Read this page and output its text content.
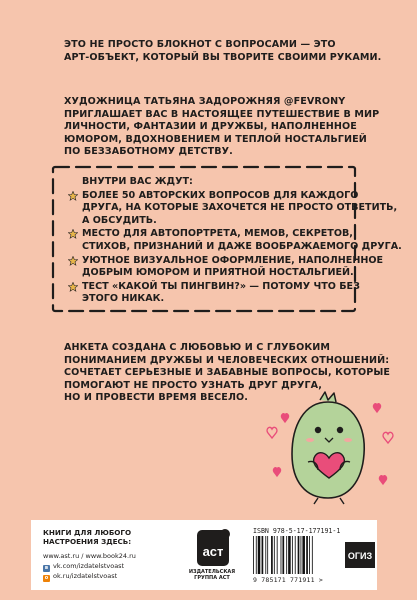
ЭТО НЕ ПРОСТО БЛОКНОТ С ВОПРОСАМИ — ЭТО
АРТ-ОБЪЕКТ, КОТОРЫЙ ВЫ ТВОРИТЕ СВОИМИ РУКАМИ.
ХУДОЖНИЦА ТАТЬЯНА ЗАДОРОЖНЯЯ @FEVRONY
ПРИГЛАШАЕТ ВАС В НАСТОЯЩЕЕ ПУТЕШЕСТВИЕ В МИР
ЛИЧНОСТИ, ФАНТАЗИИ И ДРУЖБЫ, НАПОЛНЕННОЕ
ЮМОРОМ, ВДОХНОВЕНИЕМ И ТЕПЛОЙ НОСТАЛЬГИЕЙ
ПО БЕЗЗАБОТНОМУ ДЕТСТВУ.
ВНУТРИ ВАС ЖДУТ:
БОЛЕЕ 50 АВТОРСКИХ ВОПРОСОВ ДЛЯ КАЖДОГО
ДРУГА, НА КОТОРЫЕ ЗАХОЧЕТСЯ НЕ ПРОСТО ОТВЕТИТЬ,
А ОБСУДИТЬ.
МЕСТО ДЛЯ АВТОПОРТРЕТА, МЕМОВ, СЕКРЕТОВ,
СТИХОВ, ПРИЗНАНИЙ И ДАЖЕ ВООБРАЖАЕМОГО ДРУГА.
УЮТНОЕ ВИЗУАЛЬНОЕ ОФОРМЛЕНИЕ, НАПОЛНЕННОЕ
ДОБРЫМ ЮМОРОМ И ПРИЯТНОЙ НОСТАЛЬГИЕЙ.
ТЕСТ «КАКОЙ ТЫ ПИНГВИН?» — ПОТОМУ ЧТО БЕЗ
ЭТОГО НИКАК.
АНКЕТА СОЗДАНА С ЛЮБОВЬЮ И С ГЛУБОКИМ
ПОНИМАНИЕМ ДРУЖБЫ И ЧЕЛОВЕЧЕСКИХ ОТНОШЕНИЙ:
СОЧЕТАЕТ СЕРЬЕЗНЫЕ И ЗАБАВНЫЕ ВОПРОСЫ, КОТОРЫЕ
ПОМОГАЮТ НЕ ПРОСТО УЗНАТЬ ДРУГ ДРУГА,
НО И ПРОВЕСТИ ВРЕМЯ ВЕСЕЛО.
КНИГИ ДЛЯ ЛЮБОГО
НАСТРОЕНИЯ ЗДЕСЬ:
www.ast.ru / www.book24.ru
в vk.com/izdatelstvoast
о ok.ru/izdatelstvoast
аст
ИЗДАТЕЛЬСКАЯ
ГРУППА АСТ
ISBN 978-5-17-177191-1
9 785171 771911 >
ОГИЗ
